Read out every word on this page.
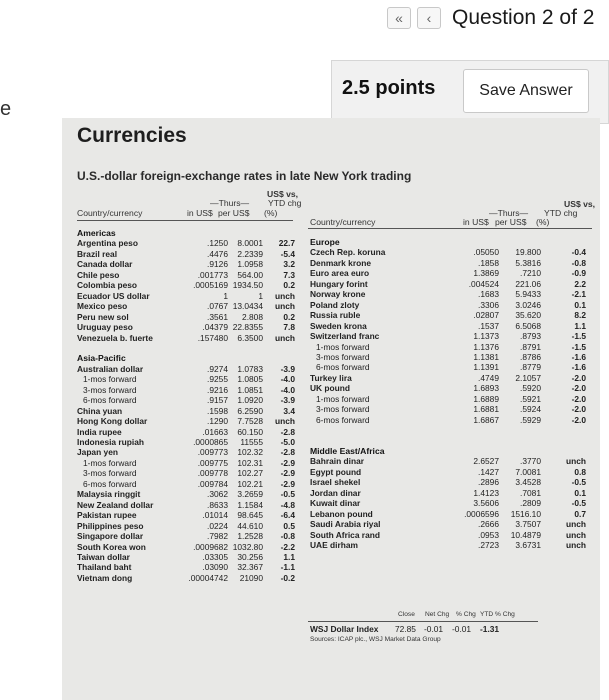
«	‹ Question 2 of 2
2.5 points	Save Answer
e
Currencies
U.S.-dollar foreign-exchange rates in late New York trading
US$ vs,
—Thurs— YTD chg
Country/currency	in US$ per US$ (%)
US$ vs,
—Thurs— YTD chg
Country/currency	in US$ per US$ (%)
Americas
Argentina peso	.1250 8.0001 22.7
Brazil real	.4476 2.2339 -5.4
Canada dollar	.9126 1.0958 3.2
Chile peso	.001773 564.00 7.3
Colombia peso	.0005169 1934.50 0.2
Ecuador US dollar	1	1 unch
Mexico peso	.0767 13.0434 unch
Peru new sol	.3561 2.808 0.2
Uruguay peso	.04379 22.8355 7.8
Venezuela b. fuerte	.157480 6.3500 unch
Asia-Pacific
Australian dollar	.9274 1.0783 -3.9
1-mos forward	.9255 1.0805 -4.0
3-mos forward	.9216 1.0851 -4.0
6-mos forward	.9157 1.0920 -3.9
China yuan	.1598 6.2590 3.4
Hong Kong dollar	.1290 7.7528 unch
India rupee	.01663 60.150 -2.8
Indonesia rupiah	.0000865 11555 -5.0
Japan yen	.009773 102.32 -2.8
1-mos forward	.009775 102.31 -2.9
3-mos forward	.009778 102.27 -2.9
6-mos forward	.009784 102.21 -2.9
Malaysia ringgit	.3062 3.2659 -0.5
New Zealand dollar	.8633 1.1584 -4.8
Pakistan rupee	.01014 98.645 -6.4
Philippines peso	.0224 44.610 0.5
Singapore dollar	.7982 1.2528 -0.8
South Korea won	.0009682 1032.80 -2.2
Taiwan dollar	.03305 30.256 1.1
Thailand baht	.03090 32.367 -1.1
Vietnam dong	.00004742 21090 -0.2
Europe
Czech Rep. koruna	.05050 19.800	-0.4
Denmark krone	.1858 5.3816	-0.8
Euro area euro	1.3869	.7210	-0.9
Hungary forint	.004524 221.06	2.2
Norway krone	.1683 5.9433	-2.1
Poland zloty	.3306 3.0246	0.1
Russia ruble	.02807 35.620	8.2
Sweden krona	.1537 6.5068	1.1
Switzerland franc	1.1373	.8793	-1.5
1-mos forward	1.1376	.8791	-1.5
3-mos forward	1.1381	.8786	-1.6
6-mos forward	1.1391	.8779	-1.6
Turkey lira	.4749 2.1057	-2.0
UK pound	1.6893	.5920	-2.0
1-mos forward	1.6889	.5921	-2.0
3-mos forward	1.6881	.5924	-2.0
6-mos forward	1.6867	.5929	-2.0
Middle East/Africa
Bahrain dinar	2.6527	.3770	unch
Egypt pound	.1427 7.0081	0.8
Israel shekel	.2896 3.4528	-0.5
Jordan dinar	1.4123	.7081	0.1
Kuwait dinar	3.5606	.2809	-0.5
Lebanon pound	.0006596 1516.10	0.7
Saudi Arabia riyal	.2666 3.7507	unch
South Africa rand	.0953 10.4879	unch
UAE dirham	.2723 3.6731	unch
Close Net Chg % Chg YTD % Chg
WSJ Dollar Index 72.85 -0.01 -0.01 -1.31
Sources: ICAP plc., WSJ Market Data Group
